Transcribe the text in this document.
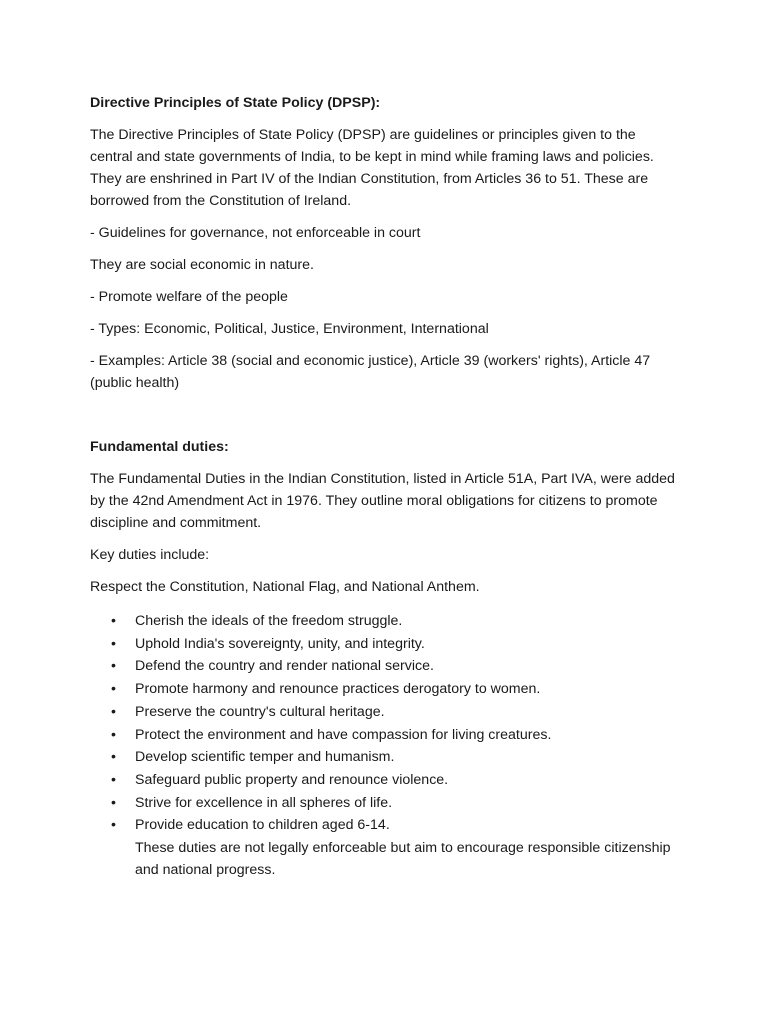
Directive Principles of State Policy (DPSP):

The Directive Principles of State Policy (DPSP) are guidelines or principles given to the central and state governments of India, to be kept in mind while framing laws and policies. They are enshrined in Part IV of the Indian Constitution, from Articles 36 to 51. These are borrowed from the Constitution of Ireland.

- Guidelines for governance, not enforceable in court

They are social economic in nature.

- Promote welfare of the people

- Types: Economic, Political, Justice, Environment, International

- Examples: Article 38 (social and economic justice), Article 39 (workers' rights), Article 47 (public health)

Fundamental duties:

The Fundamental Duties in the Indian Constitution, listed in Article 51A, Part IVA, were added by the 42nd Amendment Act in 1976. They outline moral obligations for citizens to promote discipline and commitment.

Key duties include:

Respect the Constitution, National Flag, and National Anthem.

• Cherish the ideals of the freedom struggle.
• Uphold India's sovereignty, unity, and integrity.
• Defend the country and render national service.
• Promote harmony and renounce practices derogatory to women.
• Preserve the country's cultural heritage.
• Protect the environment and have compassion for living creatures.
• Develop scientific temper and humanism.
• Safeguard public property and renounce violence.
• Strive for excellence in all spheres of life.
• Provide education to children aged 6-14.
These duties are not legally enforceable but aim to encourage responsible citizenship and national progress.
